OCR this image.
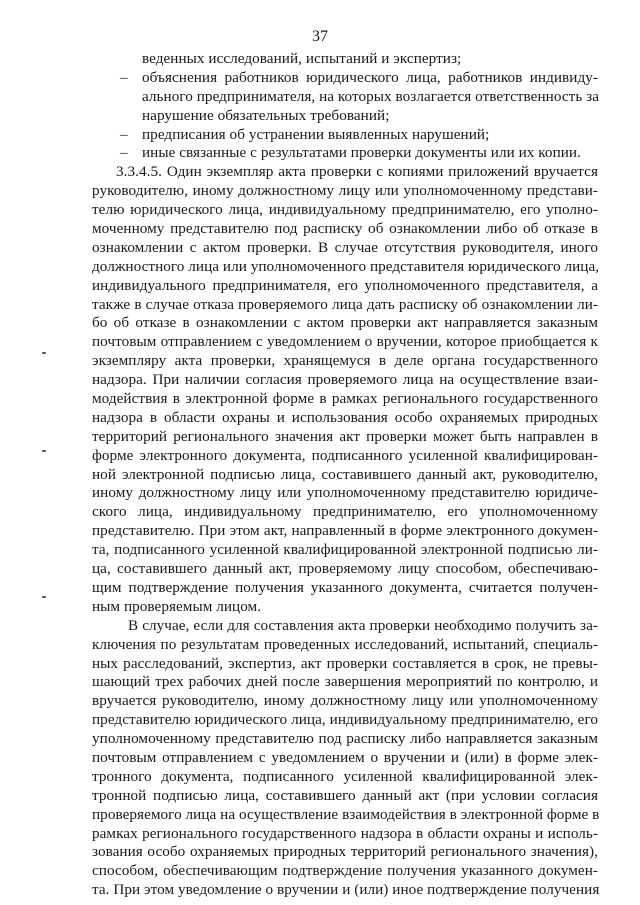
37
веденных исследований, испытаний и экспертиз;
– объяснения работников юридического лица, работников индивиду-
ального предпринимателя, на которых возлагается ответственность за
нарушение обязательных требований;
– предписания об устранении выявленных нарушений;
– иные связанные с результатами проверки документы или их копии.
3.3.4.5. Один экземпляр акта проверки с копиями приложений вручается
руководителю, иному должностному лицу или уполномоченному представи-
телю юридического лица, индивидуальному предпринимателю, его уполно-
моченному представителю под расписку об ознакомлении либо об отказе в
ознакомлении с актом проверки. В случае отсутствия руководителя, иного
должностного лица или уполномоченного представителя юридического лица,
индивидуального предпринимателя, его уполномоченного представителя, а
также в случае отказа проверяемого лица дать расписку об ознакомлении ли-
бо об отказе в ознакомлении с актом проверки акт направляется заказным
почтовым отправлением с уведомлением о вручении, которое приобщается к
экземпляру акта проверки, хранящемуся в деле органа государственного
надзора. При наличии согласия проверяемого лица на осуществление взаи-
модействия в электронной форме в рамках регионального государственного
надзора в области охраны и использования особо охраняемых природных
территорий регионального значения акт проверки может быть направлен в
форме электронного документа, подписанного усиленной квалифицирован-
ной электронной подписью лица, составившего данный акт, руководителю,
иному должностному лицу или уполномоченному представителю юридиче-
ского лица, индивидуальному предпринимателю, его уполномоченному
представителю. При этом акт, направленный в форме электронного докумен-
та, подписанного усиленной квалифицированной электронной подписью ли-
ца, составившего данный акт, проверяемому лицу способом, обеспечиваю-
щим подтверждение получения указанного документа, считается получен-
ным проверяемым лицом.
В случае, если для составления акта проверки необходимо получить за-
ключения по результатам проведенных исследований, испытаний, специаль-
ных расследований, экспертиз, акт проверки составляется в срок, не превы-
шающий трех рабочих дней после завершения мероприятий по контролю, и
вручается руководителю, иному должностному лицу или уполномоченному
представителю юридического лица, индивидуальному предпринимателю, его
уполномоченному представителю под расписку либо направляется заказным
почтовым отправлением с уведомлением о вручении и (или) в форме элек-
тронного документа, подписанного усиленной квалифицированной элек-
тронной подписью лица, составившего данный акт (при условии согласия
проверяемого лица на осуществление взаимодействия в электронной форме в
рамках регионального государственного надзора в области охраны и исполь-
зования особо охраняемых природных территорий регионального значения),
способом, обеспечивающим подтверждение получения указанного докумен-
та. При этом уведомление о вручении и (или) иное подтверждение получения
